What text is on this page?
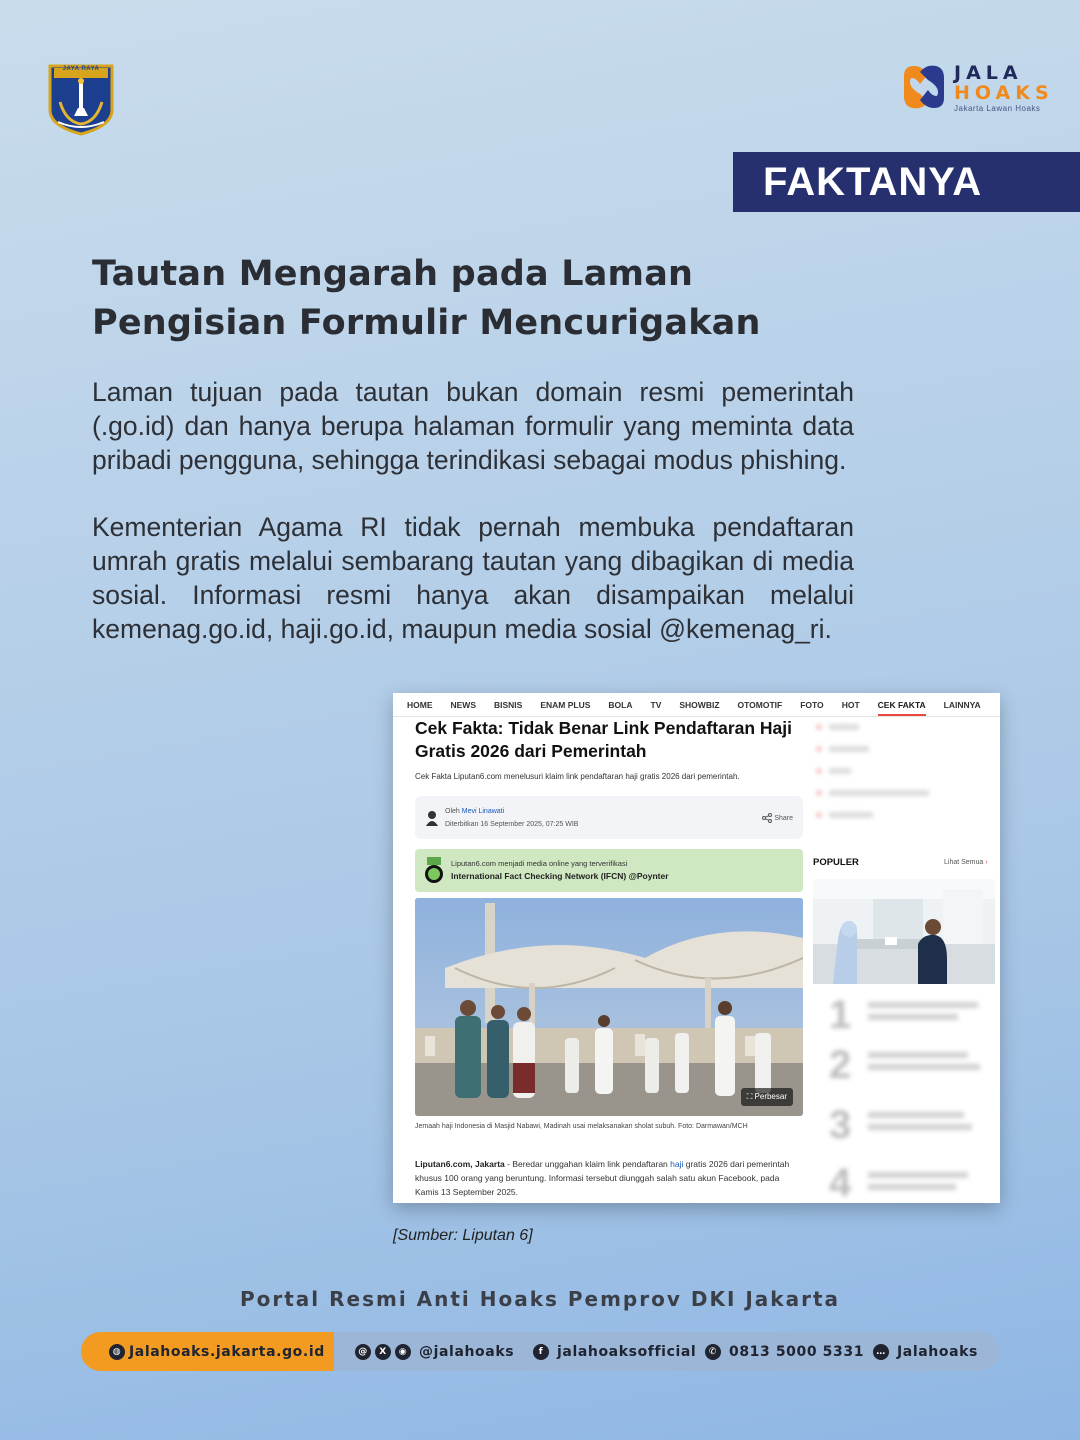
JAYA RAYA	JALA
HOAKS
Jakarta Lawan Hoaks
FAKTANYA
Tautan Mengarah pada Laman Pengisian Formulir Mencurigakan

Laman tujuan pada tautan bukan domain resmi pemerintah (.go.id) dan hanya berupa halaman formulir yang meminta data pribadi pengguna, sehingga terindikasi sebagai modus phishing.

Kementerian Agama RI tidak pernah membuka pendaftaran umrah gratis melalui sembarang tautan yang dibagikan di media sosial. Informasi resmi hanya akan disampaikan melalui kemenag.go.id, haji.go.id, maupun media sosial @kemenag_ri.

HOME NEWS BISNIS ENAM PLUS BOLA TV SHOWBIZ OTOMOTIF FOTO HOT CEK FAKTA LAINNYA
Cek Fakta: Tidak Benar Link Pendaftaran Haji Gratis 2026 dari Pemerintah
Cek Fakta Liputan6.com menelusuri klaim link pendaftaran haji gratis 2026 dari pemerintah.
Oleh Mevi Linawati
Diterbitkan 16 September 2025, 07:25 WIB
Share
Liputan6.com menjadi media online yang terverifikasi
International Fact Checking Network (IFCN) @Poynter
⛶ Perbesar
Jemaah haji Indonesia di Masjid Nabawi, Madinah usai melaksanakan sholat subuh. Foto: Darmawan/MCH
Liputan6.com, Jakarta - Beredar unggahan klaim link pendaftaran haji gratis 2026 dari pemerintah khusus 100 orang yang beruntung. Informasi tersebut diunggah salah satu akun Facebook, pada Kamis 13 September 2025.
POPULER	Lihat Semua ›
1
2
3
4
[Sumber: Liputan 6]
Portal Resmi Anti Hoaks Pemprov DKI Jakarta
◍ Jalahoaks.jakarta.go.id	@	X	◉ @jalahoaks	f jalahoaksofficial	✆ 0813 5000 5331	… Jalahoaks
